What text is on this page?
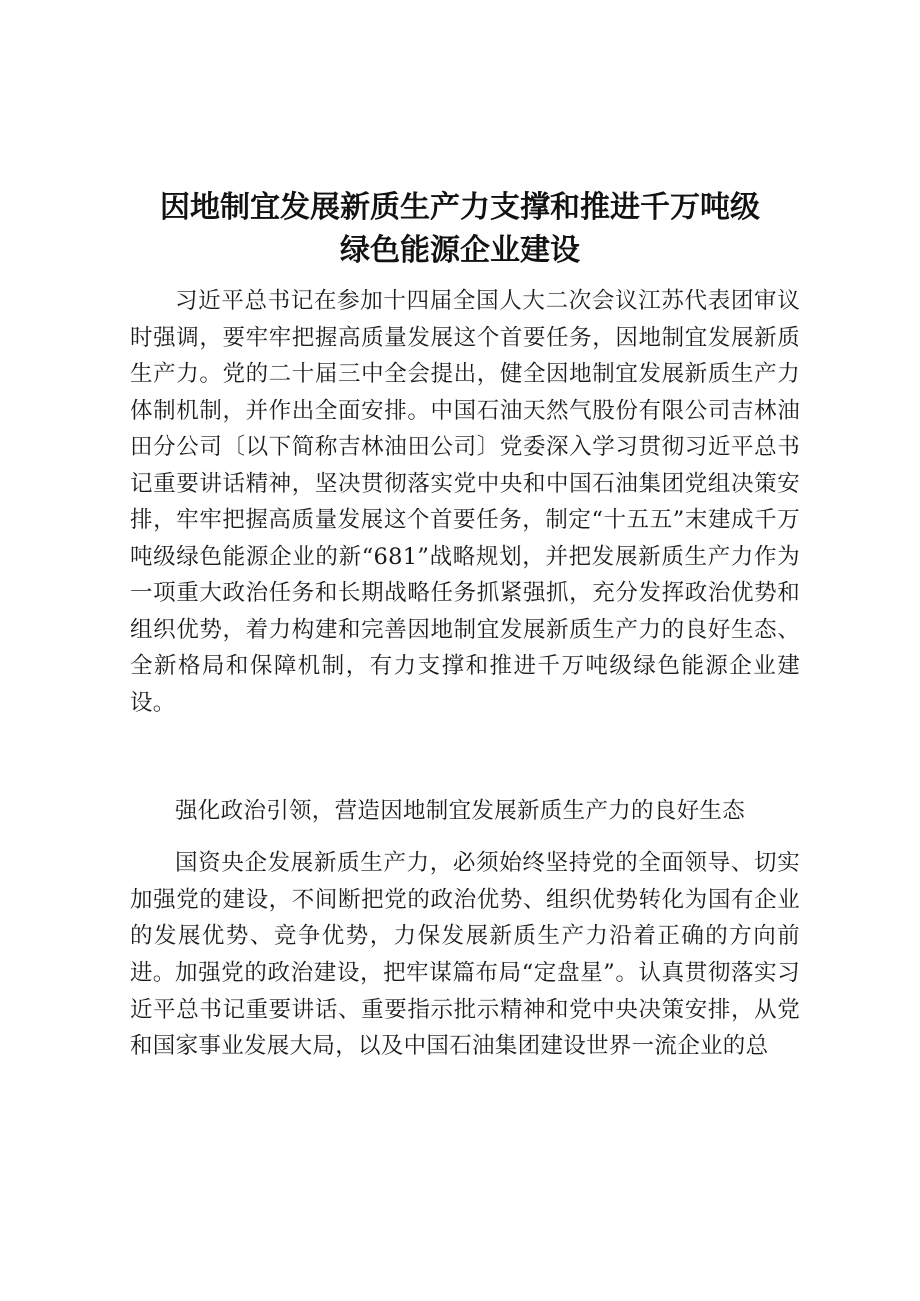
因地制宜发展新质生产力支撑和推进千万吨级
绿色能源企业建设

习近平总书记在参加十四届全国人大二次会议江苏代表团审议时强调，要牢牢把握高质量发展这个首要任务，因地制宜发展新质生产力。党的二十届三中全会提出，健全因地制宜发展新质生产力体制机制，并作出全面安排。中国石油天然气股份有限公司吉林油田分公司〔以下简称吉林油田公司〕党委深入学习贯彻习近平总书记重要讲话精神，坚决贯彻落实党中央和中国石油集团党组决策安排，牢牢把握高质量发展这个首要任务，制定“十五五”末建成千万吨级绿色能源企业的新“681”战略规划，并把发展新质生产力作为一项重大政治任务和长期战略任务抓紧强抓，充分发挥政治优势和组织优势，着力构建和完善因地制宜发展新质生产力的良好生态、全新格局和保障机制，有力支撑和推进千万吨级绿色能源企业建设。

强化政治引领，营造因地制宜发展新质生产力的良好生态

国资央企发展新质生产力，必须始终坚持党的全面领导、切实加强党的建设，不间断把党的政治优势、组织优势转化为国有企业的发展优势、竞争优势，力保发展新质生产力沿着正确的方向前进。 加强党的政治建设，把牢谋篇布局“定盘星”。认真贯彻落实习近平总书记重要讲话、重要指示批示精神和党中央决策安排，从党和国家事业发展大局，以及中国石油集团建设世界一流企业的总
